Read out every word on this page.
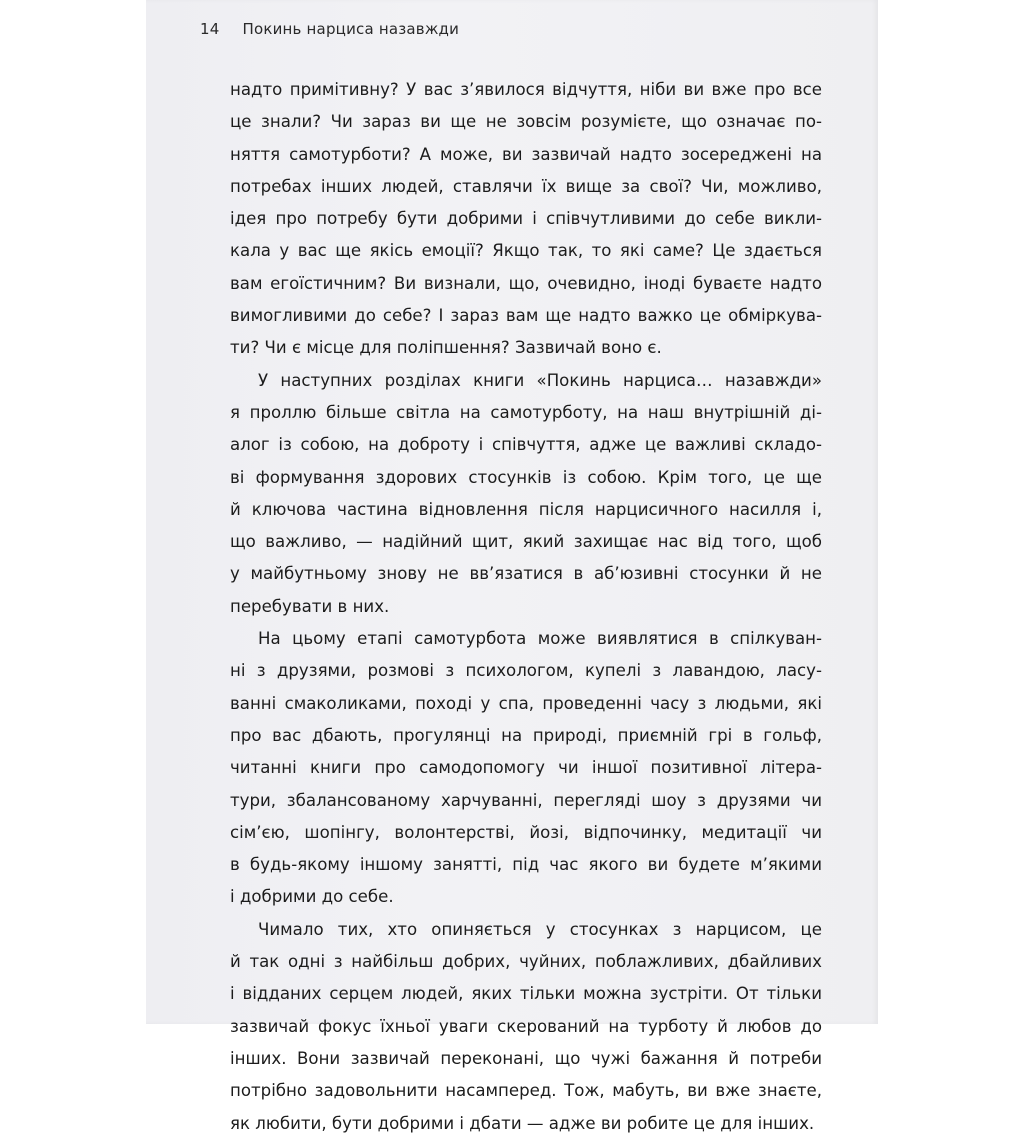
14 Покинь нарциса назавжди
надто примітивну? У вас з’явилося відчуття, ніби ви вже про все
це знали? Чи зараз ви ще не зовсім розумієте, що означає по-
няття самотурботи? А може, ви зазвичай надто зосереджені на
потребах інших людей, ставлячи їх вище за свої? Чи, можливо,
ідея про потребу бути добрими і співчутливими до себе викли-
кала у вас ще якісь емоції? Якщо так, то які саме? Це здається
вам егоїстичним? Ви визнали, що, очевидно, іноді буваєте надто
вимогливими до себе? І зараз вам ще надто важко це обміркува-
ти? Чи є місце для поліпшення? Зазвичай воно є.
У наступних розділах книги «Покинь нарциса… назавжди»
я проллю більше світла на самотурботу, на наш внутрішній ді-
алог із собою, на доброту і співчуття, адже це важливі складо-
ві формування здорових стосунків із собою. Крім того, це ще
й ключова частина відновлення після нарцисичного насилля і,
що важливо, — надійний щит, який захищає нас від того, щоб
у майбутньому знову не вв’язатися в аб’юзивні стосунки й не
перебувати в них.
На цьому етапі самотурбота може виявлятися в спілкуван-
ні з друзями, розмові з психологом, купелі з лавандою, ласу-
ванні смаколиками, поході у спа, проведенні часу з людьми, які
про вас дбають, прогулянці на природі, приємній грі в гольф,
читанні книги про самодопомогу чи іншої позитивної літера-
тури, збалансованому харчуванні, перегляді шоу з друзями чи
сім’єю, шопінгу, волонтерстві, йозі, відпочинку, медитації чи
в будь-якому іншому занятті, під час якого ви будете м’якими
і добрими до себе.
Чимало тих, хто опиняється у стосунках з нарцисом, це
й так одні з найбільш добрих, чуйних, поблажливих, дбайливих
і відданих серцем людей, яких тільки можна зустріти. От тільки
зазвичай фокус їхньої уваги скерований на турботу й любов до
інших. Вони зазвичай переконані, що чужі бажання й потреби
потрібно задовольнити насамперед. Тож, мабуть, ви вже знаєте,
як любити, бути добрими і дбати — адже ви робите це для інших.
